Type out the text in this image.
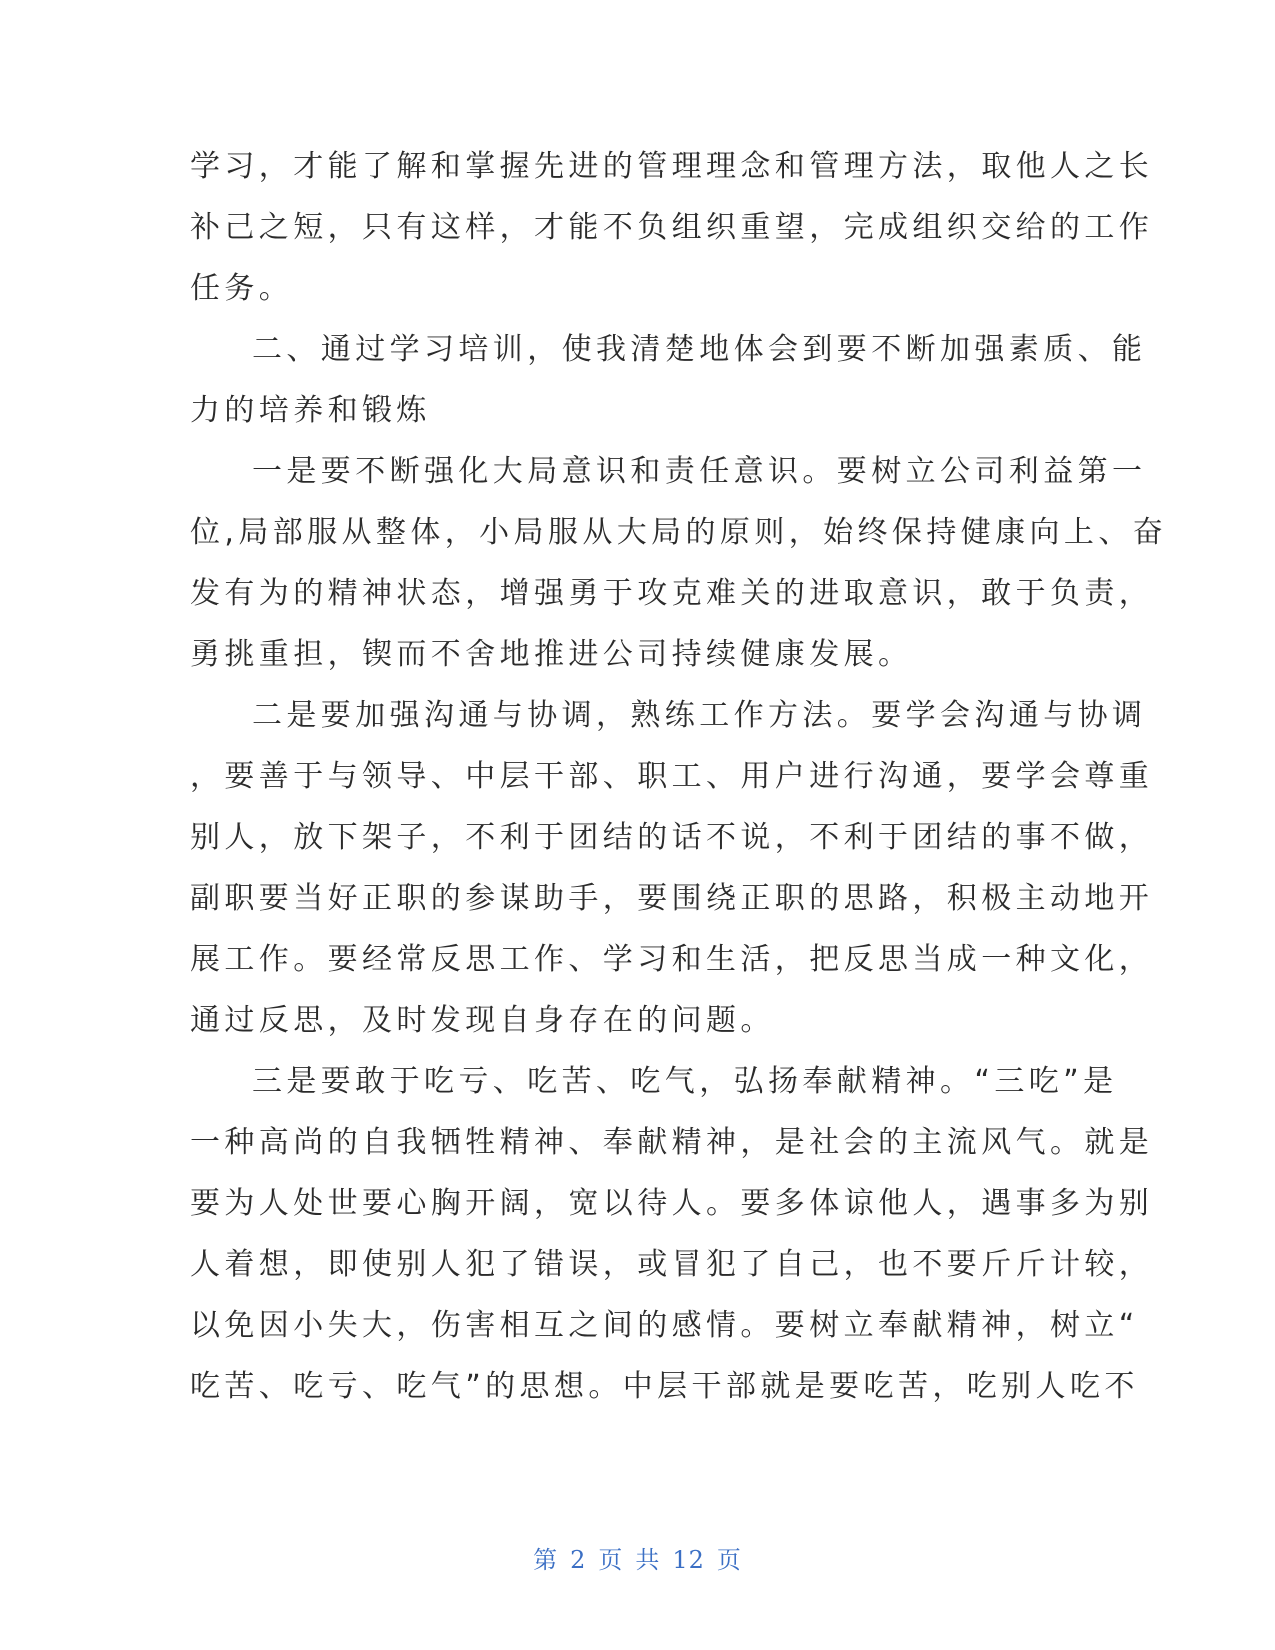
学习，才能了解和掌握先进的管理理念和管理方法，取他人之长
补己之短，只有这样，才能不负组织重望，完成组织交给的工作
任务。
二、通过学习培训，使我清楚地体会到要不断加强素质、能
力的培养和锻炼
一是要不断强化大局意识和责任意识。要树立公司利益第一
位,局部服从整体，小局服从大局的原则，始终保持健康向上、奋
发有为的精神状态，增强勇于攻克难关的进取意识，敢于负责，
勇挑重担，锲而不舍地推进公司持续健康发展。
二是要加强沟通与协调，熟练工作方法。要学会沟通与协调
，要善于与领导、中层干部、职工、用户进行沟通，要学会尊重
别人，放下架子，不利于团结的话不说，不利于团结的事不做，
副职要当好正职的参谋助手，要围绕正职的思路，积极主动地开
展工作。要经常反思工作、学习和生活，把反思当成一种文化，
通过反思，及时发现自身存在的问题。
三是要敢于吃亏、吃苦、吃气，弘扬奉献精神。“三吃”是
一种高尚的自我牺牲精神、奉献精神，是社会的主流风气。就是
要为人处世要心胸开阔，宽以待人。要多体谅他人，遇事多为别
人着想，即使别人犯了错误，或冒犯了自己，也不要斤斤计较，
以免因小失大，伤害相互之间的感情。要树立奉献精神，树立“
吃苦、吃亏、吃气”的思想。中层干部就是要吃苦，吃别人吃不
第 2 页 共 12 页
